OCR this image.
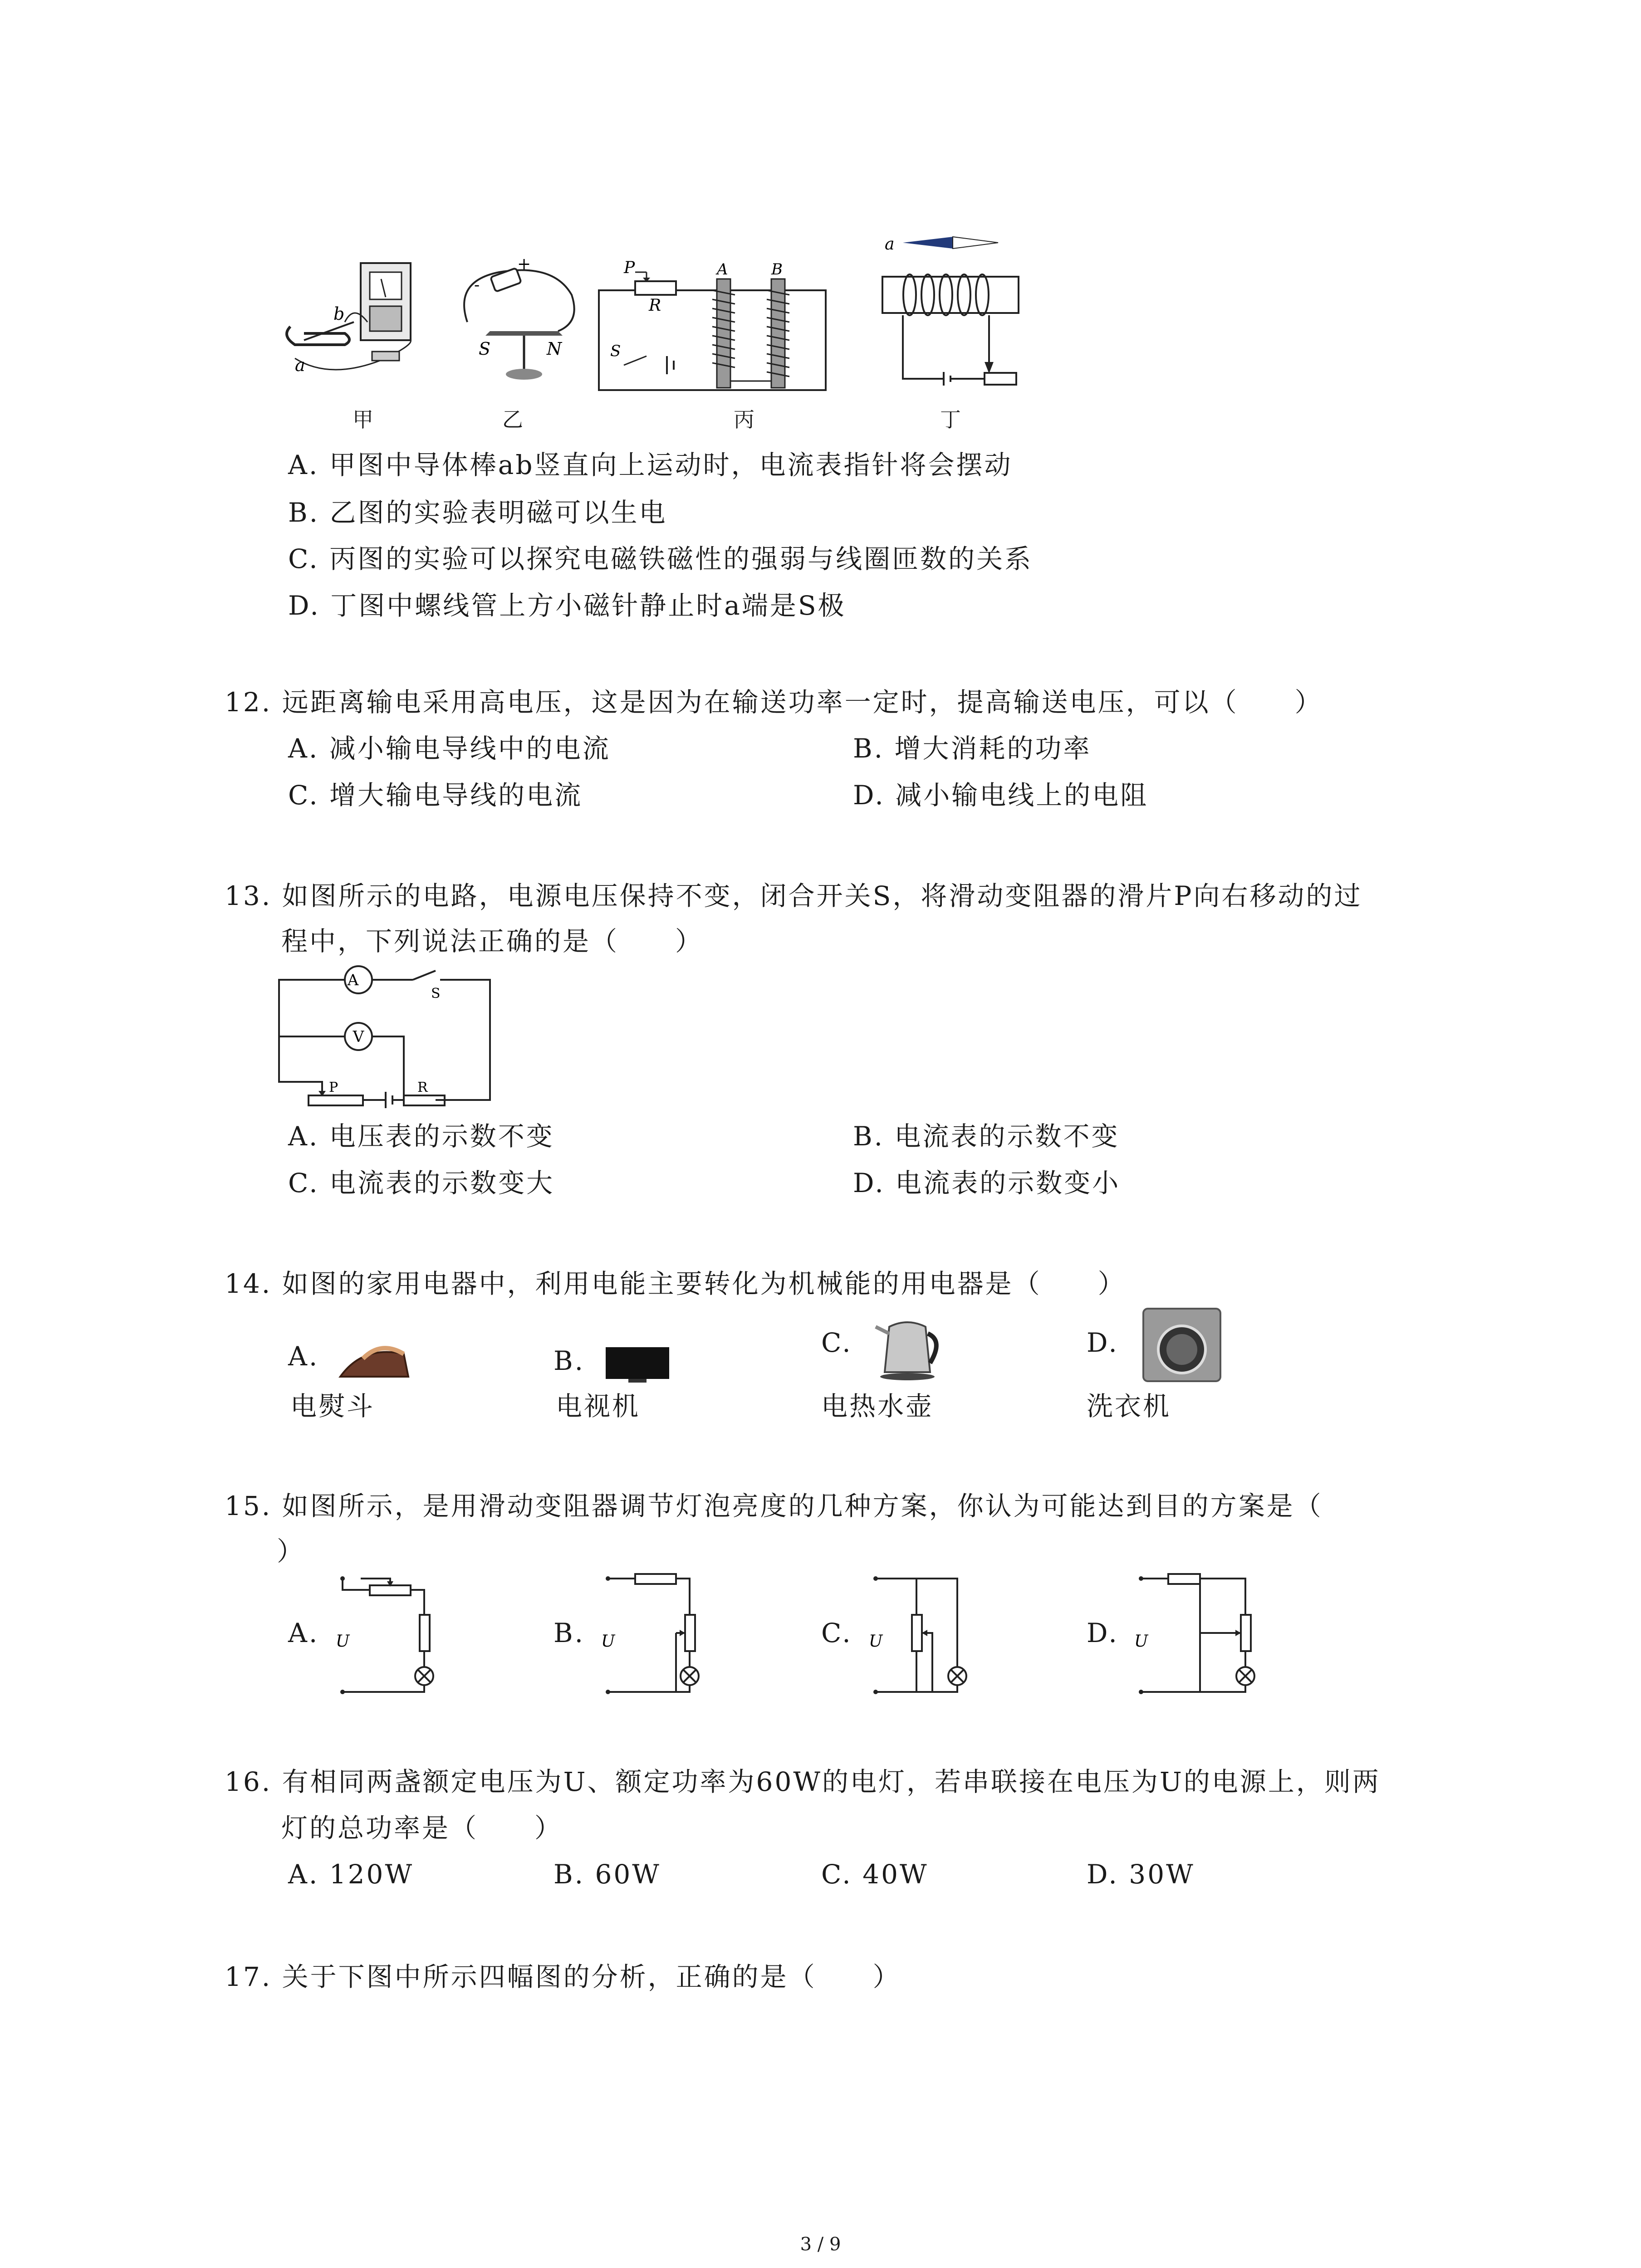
b
a
-
+
S	N
P
R
A	B
S
a
甲	乙	丙	丁
A. 甲图中导体棒ab竖直向上运动时，电流表指针将会摆动
B. 乙图的实验表明磁可以生电
C. 丙图的实验可以探究电磁铁磁性的强弱与线圈匝数的关系
D. 丁图中螺线管上方小磁针静止时a端是S极
12. 远距离输电采用高电压，这是因为在输送功率一定时，提高输送电压，可以（　　）
A. 减小输电导线中的电流	B. 增大消耗的功率
C. 增大输电导线的电流	D. 减小输电线上的电阻
13. 如图所示的电路，电源电压保持不变，闭合开关S，将滑动变阻器的滑片P向右移动的过
程中，下列说法正确的是（　　）
A
V
S
P	R
A. 电压表的示数不变	B. 电流表的示数不变
C. 电流表的示数变大	D. 电流表的示数变小
14. 如图的家用电器中，利用电能主要转化为机械能的用电器是（　　）
A.
电熨斗
B.
电视机
C.
电热水壶
D.
洗衣机
15. 如图所示，是用滑动变阻器调节灯泡亮度的几种方案，你认为可能达到目的方案是（
）
A. U	B. U	C. U	D. U
16. 有相同两盏额定电压为U、额定功率为60W的电灯，若串联接在电压为U的电源上，则两
灯的总功率是（　　）
A. 120W	B. 60W	C. 40W	D. 30W
17. 关于下图中所示四幅图的分析，正确的是（　　）
3 / 9
